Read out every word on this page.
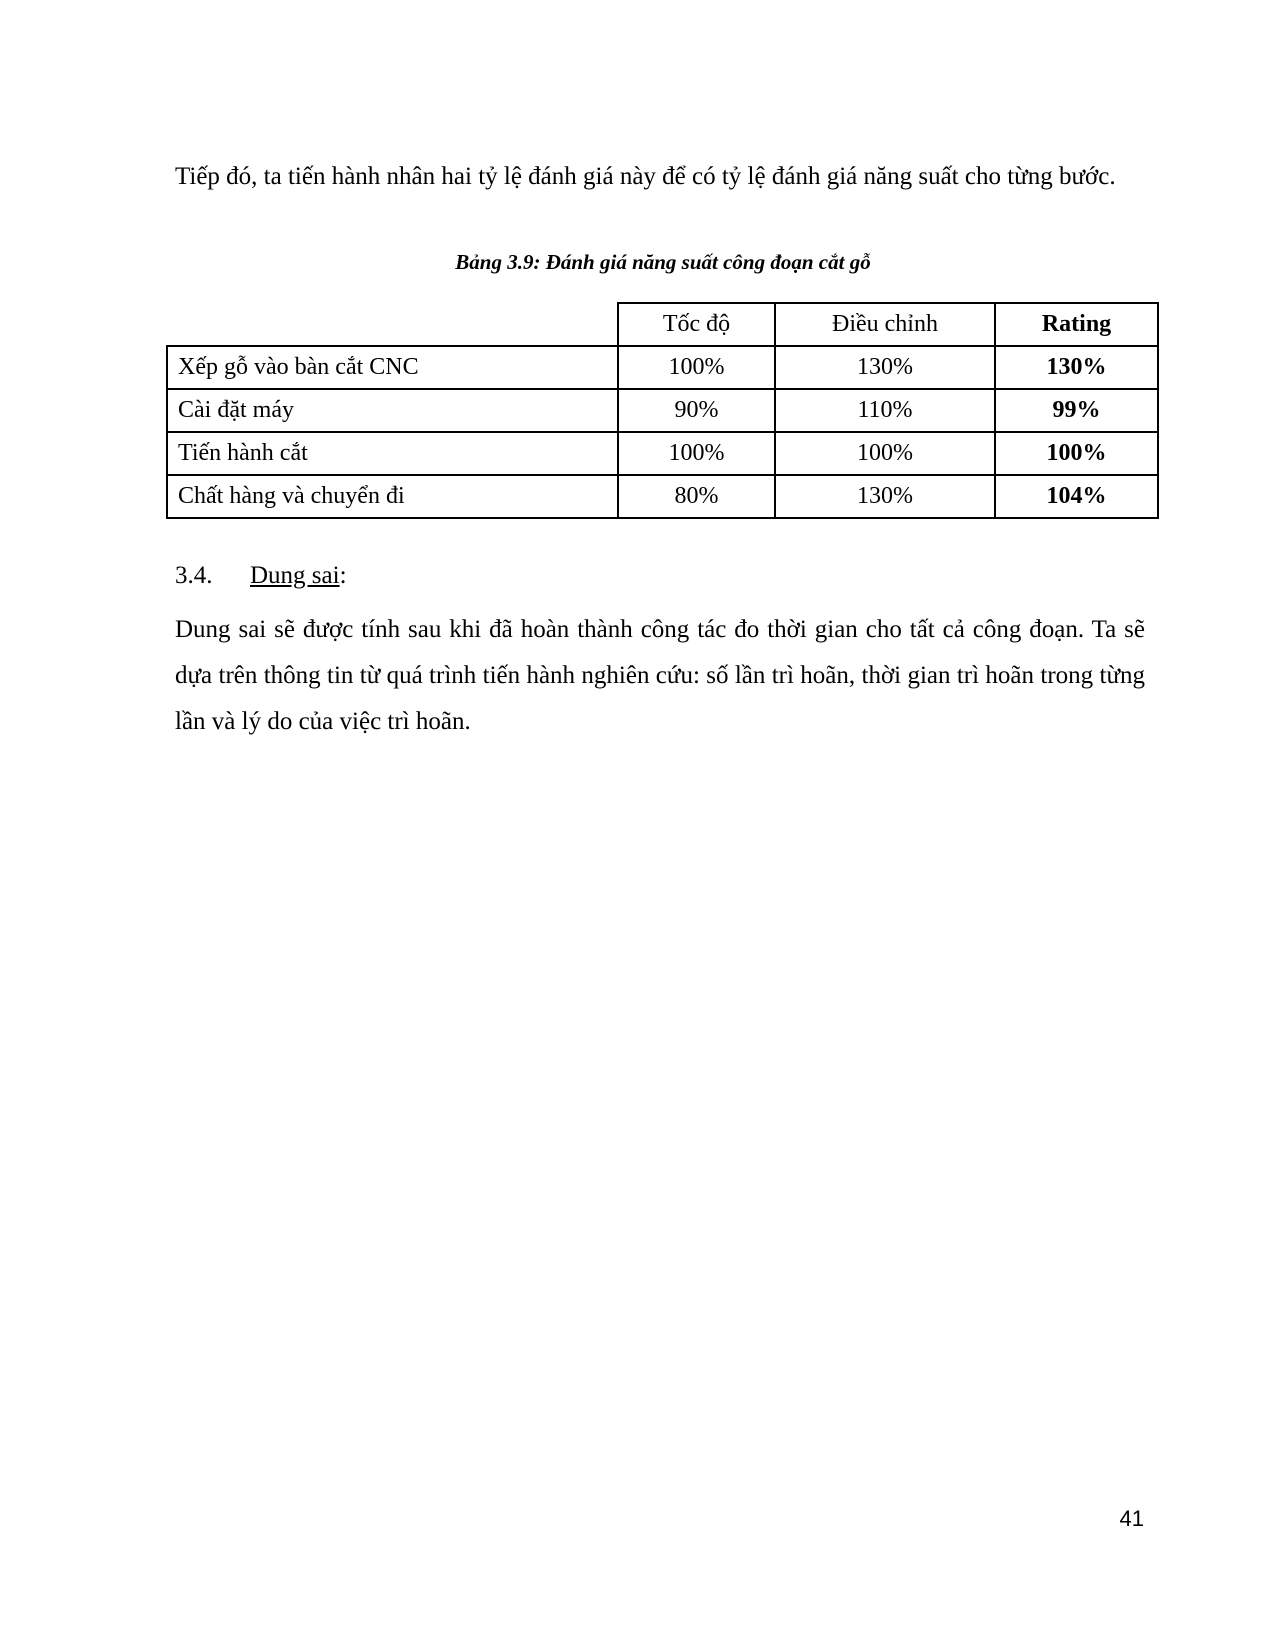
Tiếp đó, ta tiến hành nhân hai tỷ lệ đánh giá này để có tỷ lệ đánh giá năng suất cho từng bước.

Bảng 3.9: Đánh giá năng suất công đoạn cắt gỗ

	Tốc độ	Điều chỉnh	Rating
Xếp gỗ vào bàn cắt CNC	100%	130%	130%
Cài đặt máy	90%	110%	99%
Tiến hành cắt	100%	100%	100%
Chất hàng và chuyển đi	80%	130%	104%

3.4. Dung sai:

Dung sai sẽ được tính sau khi đã hoàn thành công tác đo thời gian cho tất cả công đoạn. Ta sẽ dựa trên thông tin từ quá trình tiến hành nghiên cứu: số lần trì hoãn, thời gian trì hoãn trong từng lần và lý do của việc trì hoãn.

41
